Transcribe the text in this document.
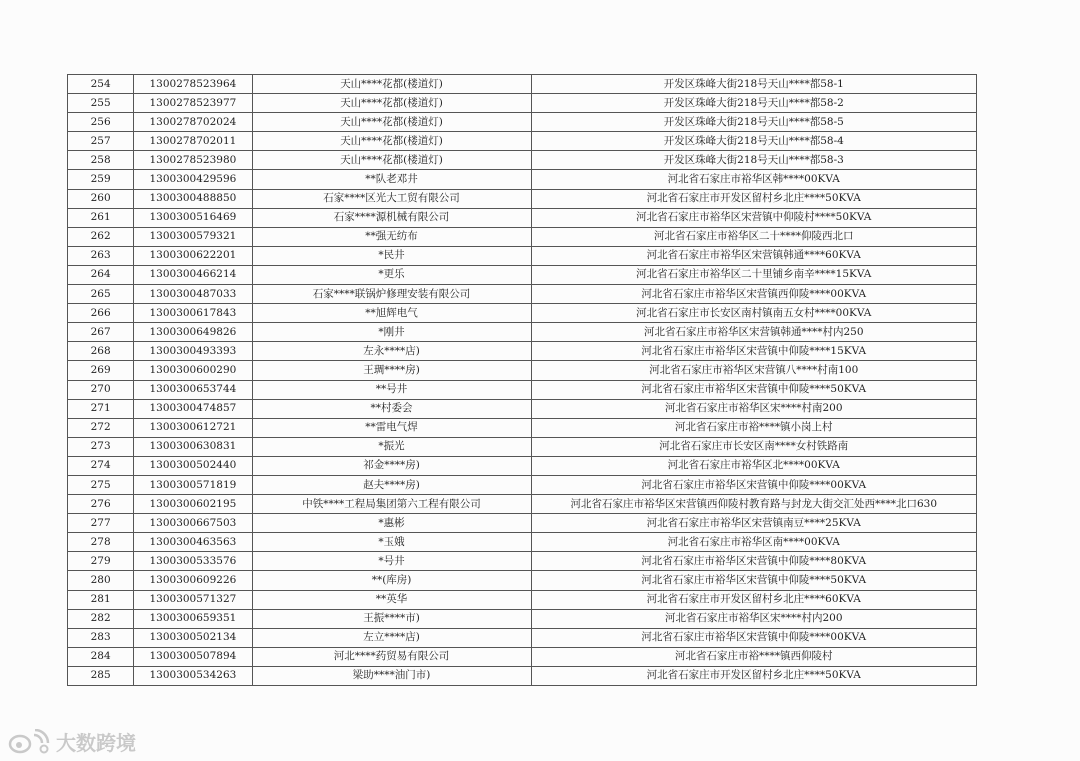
254	1300278523964	天山****花都(楼道灯)	开发区珠峰大街218号天山****都58-1
255	1300278523977	天山****花都(楼道灯)	开发区珠峰大街218号天山****都58-2
256	1300278702024	天山****花都(楼道灯)	开发区珠峰大街218号天山****都58-5
257	1300278702011	天山****花都(楼道灯)	开发区珠峰大街218号天山****都58-4
258	1300278523980	天山****花都(楼道灯)	开发区珠峰大街218号天山****都58-3
259	1300300429596	**队老邓井	河北省石家庄市裕华区韩****00KVA
260	1300300488850	石家****区光大工贸有限公司	河北省石家庄市开发区留村乡北庄****50KVA
261	1300300516469	石家****源机械有限公司	河北省石家庄市裕华区宋营镇中仰陵村****50KVA
262	1300300579321	**强无纺布	河北省石家庄市裕华区二十****仰陵西北口
263	1300300622201	*民井	河北省石家庄市裕华区宋营镇韩通****60KVA
264	1300300466214	*更乐	河北省石家庄市裕华区二十里铺乡南辛****15KVA
265	1300300487033	石家****联锅炉修理安装有限公司	河北省石家庄市裕华区宋营镇西仰陵****00KVA
266	1300300617843	**旭辉电气	河北省石家庄市长安区南村镇南五女村****00KVA
267	1300300649826	*刚井	河北省石家庄市裕华区宋营镇韩通****村内250
268	1300300493393	左永****店)	河北省石家庄市裕华区宋营镇中仰陵****15KVA
269	1300300600290	王琱****房)	河北省石家庄市裕华区宋营镇八****村南100
270	1300300653744	**号井	河北省石家庄市裕华区宋营镇中仰陵****50KVA
271	1300300474857	**村委会	河北省石家庄市裕华区宋****村南200
272	1300300612721	**雷电气焊	河北省石家庄市裕****镇小岗上村
273	1300300630831	*振光	河北省石家庄市长安区南****女村铁路南
274	1300300502440	祁金****房)	河北省石家庄市裕华区北****00KVA
275	1300300571819	赵夫****房)	河北省石家庄市裕华区宋营镇中仰陵****00KVA
276	1300300602195	中铁****工程局集团第六工程有限公司	河北省石家庄市裕华区宋营镇西仰陵村教育路与封龙大街交汇处西****北口630
277	1300300667503	*惠彬	河北省石家庄市裕华区宋营镇南豆****25KVA
278	1300300463563	*玉娥	河北省石家庄市裕华区南****00KVA
279	1300300533576	*号井	河北省石家庄市裕华区宋营镇中仰陵****80KVA
280	1300300609226	**(库房)	河北省石家庄市裕华区宋营镇中仰陵****50KVA
281	1300300571327	**英华	河北省石家庄市开发区留村乡北庄****60KVA
282	1300300659351	王振****市)	河北省石家庄市裕华区宋****村内200
283	1300300502134	左立****店)	河北省石家庄市裕华区宋营镇中仰陵****00KVA
284	1300300507894	河北****药贸易有限公司	河北省石家庄市裕****镇西仰陵村
285	1300300534263	梁助****油门市)	河北省石家庄市开发区留村乡北庄****50KVA
大数跨境
